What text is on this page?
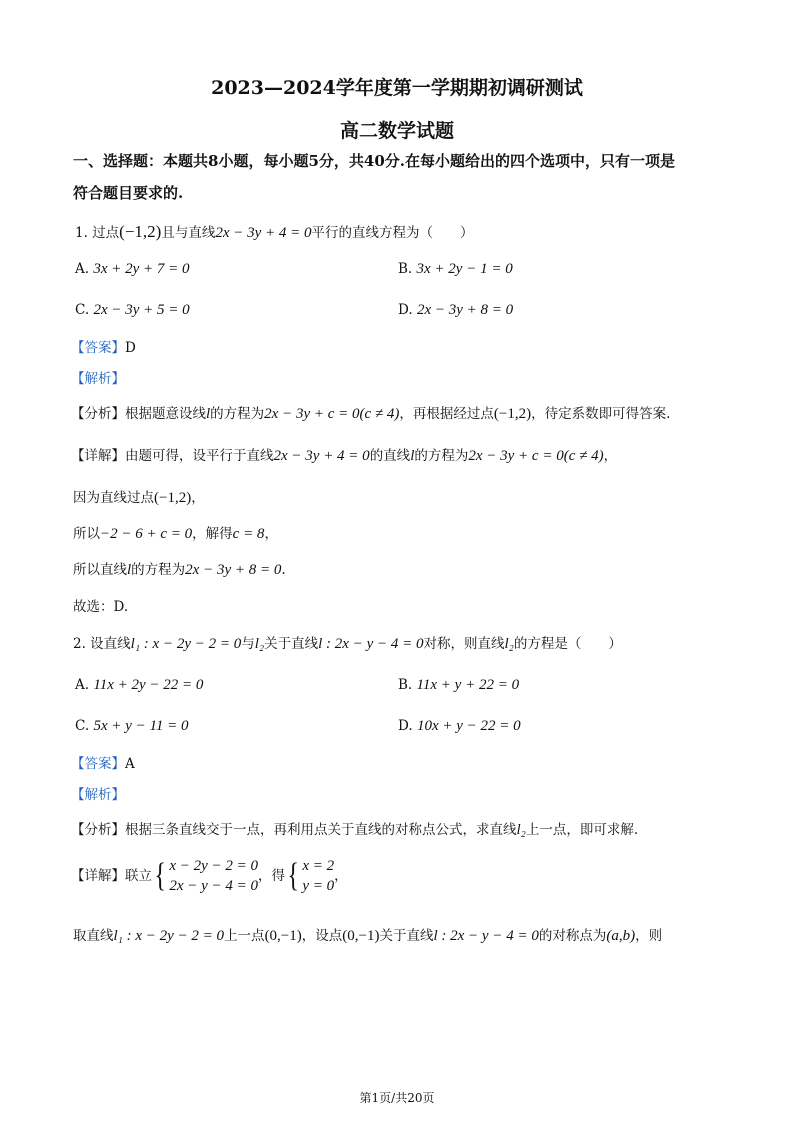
2023—2024学年度第一学期期初调研测试
高二数学试题
一、选择题：本题共8小题，每小题5分，共40分.在每小题给出的四个选项中，只有一项是
符合题目要求的.
1. 过点(−1,2)且与直线2x − 3y + 4 = 0平行的直线方程为（　　）
A. 3x + 2y + 7 = 0	B. 3x + 2y − 1 = 0
C. 2x − 3y + 5 = 0	D. 2x − 3y + 8 = 0
【答案】D
【解析】
【分析】根据题意设线l的方程为2x − 3y + c = 0(c ≠ 4)，再根据经过点(−1,2)，待定系数即可得答案.
【详解】由题可得，设平行于直线2x − 3y + 4 = 0的直线l的方程为2x − 3y + c = 0(c ≠ 4)，
因为直线过点(−1,2)，
所以−2 − 6 + c = 0，解得c = 8，
所以直线l的方程为2x − 3y + 8 = 0.
故选：D.
2. 设直线l₁ : x − 2y − 2 = 0与l₂关于直线l : 2x − y − 4 = 0对称，则直线l₂的方程是（　　）
A. 11x + 2y − 22 = 0	B. 11x + y + 22 = 0
C. 5x + y − 11 = 0	D. 10x + y − 22 = 0
【答案】A
【解析】
【分析】根据三条直线交于一点，再利用点关于直线的对称点公式，求直线l₂上一点，即可求解.
【详解】联立{ x − 2y − 2 = 0
2x − y − 4 = 0，得{ x = 2
y = 0，
取直线l₁ : x − 2y − 2 = 0上一点(0,−1)，设点(0,−1)关于直线l : 2x − y − 4 = 0的对称点为(a,b)，则
第1页/共20页
